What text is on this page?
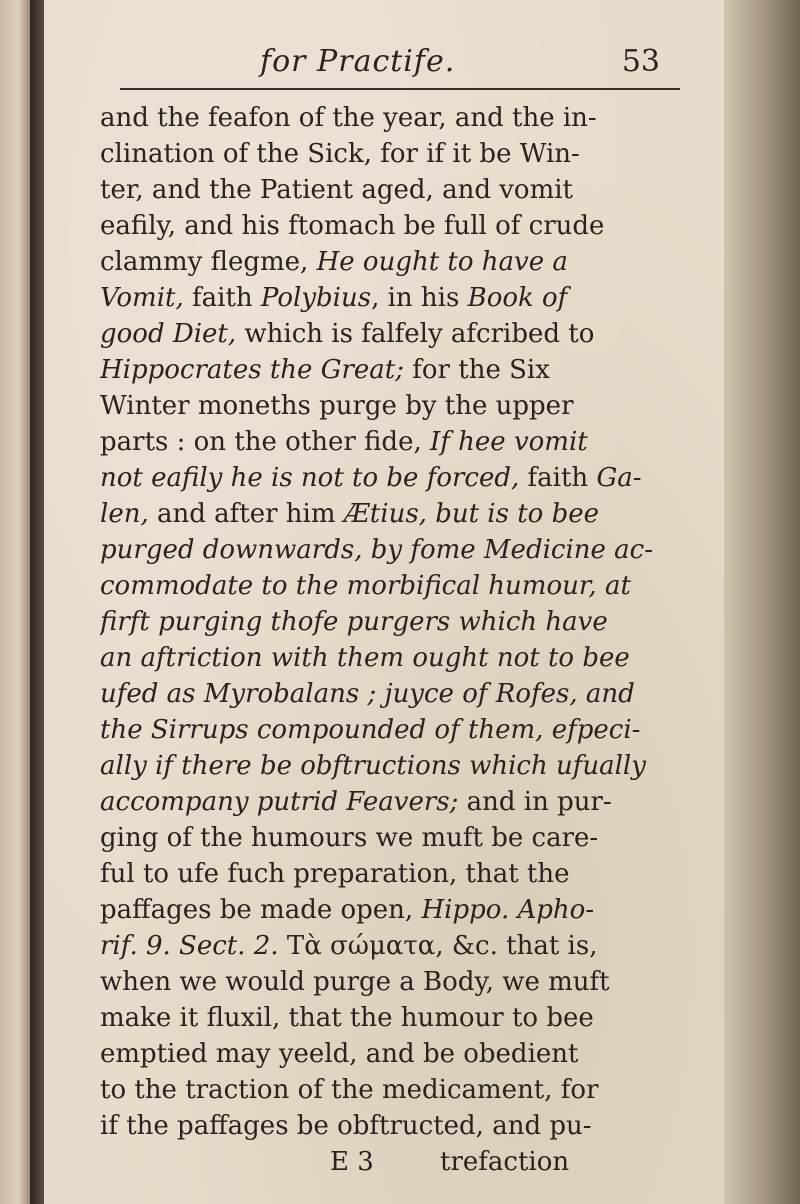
for Practife.	53
and the feafon of the year, and the in-
clination of the Sick, for if it be Win-
ter, and the Patient aged, and vomit
eafily, and his ftomach be full of crude
clammy flegme, He ought to have a
Vomit, faith Polybius, in his Book of
good Diet, which is falfely afcribed to
Hippocrates the Great; for the Six
Winter moneths purge by the upper
parts : on the other fide, If hee vomit
not eafily he is not to be forced, faith Ga-
len, and after him Ætius, but is to bee
purged downwards, by fome Medicine ac-
commodate to the morbifical humour, at
firft purging thofe purgers which have
an aftriction with them ought not to bee
ufed as Myrobalans ; juyce of Rofes, and
the Sirrups compounded of them, efpeci-
ally if there be obftructions which ufually
accompany putrid Feavers; and in pur-
ging of the humours we muft be care-
ful to ufe fuch preparation, that the
paffages be made open, Hippo. Apho-
rif. 9. Sect. 2. Τὰ σώματα, &c. that is,
when we would purge a Body, we muft
make it fluxil, that the humour to bee
emptied may yeeld, and be obedient
to the traction of the medicament, for
if the paffages be obftructed, and pu-
E 3	trefaction
